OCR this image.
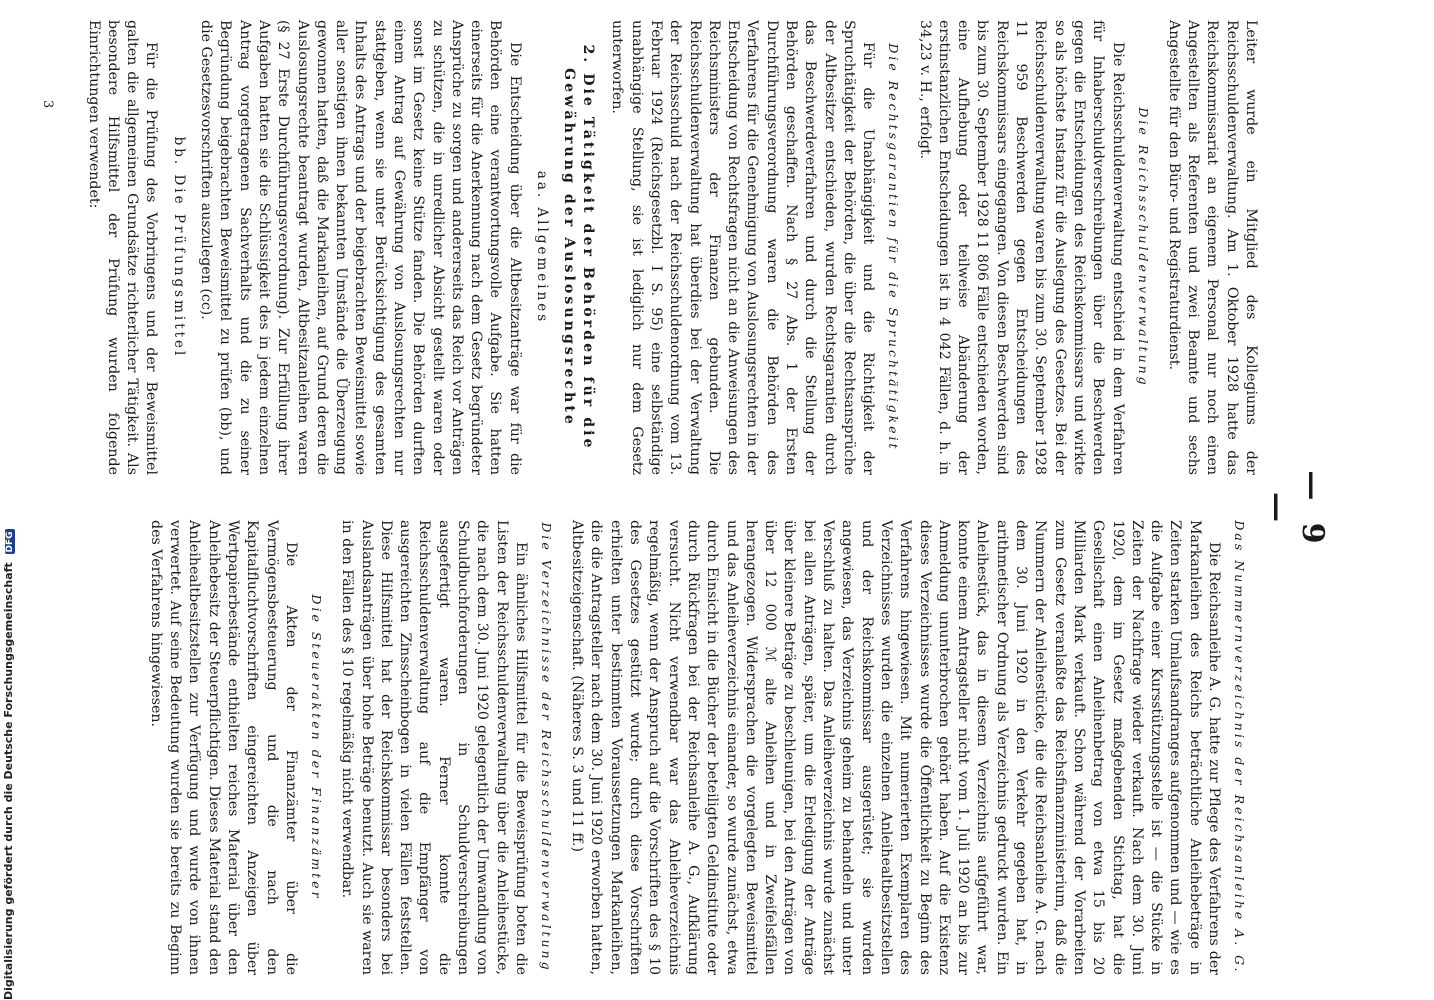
— 9 —

Leiter wurde ein Mitglied des Kollegiums der Reichsschuldenverwaltung. Am 1. Oktober 1928 hatte das Reichskommissariat an eigenem Personal nur noch einen Angestellten als Referenten und zwei Beamte und sechs Angestellte für den Büro- und Registraturdienst.

Die Reichsschuldenverwaltung

Die Reichsschuldenverwaltung entschied in dem Verfahren für Inhaberschuldverschreibungen über die Beschwerden gegen die Entscheidungen des Reichskommissars und wirkte so als höchste Instanz für die Auslegung des Gesetzes. Bei der Reichsschuldenverwaltung waren bis zum 30. September 1928 11 959 Beschwerden gegen Entscheidungen des Reichskommissars eingegangen. Von diesen Beschwerden sind bis zum 30. September 1928 11 806 Fälle entschieden worden, eine Aufhebung oder teilweise Abänderung der erstinstanzlichen Entscheidungen ist in 4 042 Fällen, d. h. in 34,23 v. H., erfolgt.

Die Rechtsgarantien für die Spruchtätigkeit

Für die Unabhängigkeit und die Richtigkeit der Spruchtätigkeit der Behörden, die über die Rechtsansprüche der Altbesitzer entschieden, wurden Rechtsgarantien durch das Beschwerdeverfahren und durch die Stellung der Behörden geschaffen. Nach § 27 Abs. 1 der Ersten Durchführungsverordnung waren die Behörden des Verfahrens für die Genehmigung von Auslosungsrechten in der Entscheidung von Rechtsfragen nicht an die Anweisungen des Reichsministers der Finanzen gebunden. Die Reichsschuldenverwaltung hat überdies bei der Verwaltung der Reichsschuld nach der Reichsschuldenordnung vom 13. Februar 1924 (Reichsgesetzbl. I S. 95) eine selbständige unabhängige Stellung, sie ist lediglich nur dem Gesetz unterworfen.

2. Die Tätigkeit der Behörden für die Gewährung der Auslosungsrechte
aa. Allgemeines

Die Entscheidung über die Altbesitzanträge war für die Behörden eine verantwortungsvolle Aufgabe. Sie hatten einerseits für die Anerkennung nach dem Gesetz begründeter Ansprüche zu sorgen und andererseits das Reich vor Anträgen zu schützen, die in unredlicher Absicht gestellt waren oder sonst im Gesetz keine Stütze fanden. Die Behörden durften einem Antrag auf Gewährung von Auslosungsrechten nur stattgeben, wenn sie unter Berücksichtigung des gesamten Inhalts des Antrags und der beigebrachten Beweismittel sowie aller sonstigen ihnen bekannten Umstände die Überzeugung gewonnen hatten, daß die Markanleihen, auf Grund deren die Auslosungsrechte beantragt wurden, Altbesitzanleihen waren (§ 27 Erste Durchführungsverordnung). Zur Erfüllung ihrer Aufgaben hatten sie die Schlüssigkeit des in jedem einzelnen Antrag vorgetragenen Sachverhalts und die zu seiner Begründung beigebrachten Beweismittel zu prüfen (bb), und die Gesetzesvorschriften auszulegen (cc).

bb. Die Prüfungsmittel

Für die Prüfung des Vorbringens und der Beweismittel galten die allgemeinen Grundsätze richterlicher Tätigkeit. Als besondere Hilfsmittel der Prüfung wurden folgende Einrichtungen verwendet:

Das Nummernverzeichnis der Reichsanleihe A. G.

Die Reichsanleihe A. G. hatte zur Pflege des Verfahrens der Markanleihen des Reichs beträchtliche Anleihebeträge in Zeiten starken Umlaufsandranges aufgenommen und — wie es die Aufgabe einer Kursstützungsstelle ist — die Stücke in Zeiten der Nachfrage wieder verkauft. Nach dem 30. Juni 1920, dem im Gesetz maßgebenden Stichtag, hat die Gesellschaft einen Anleihenbetrag von etwa 15 bis 20 Milliarden Mark verkauft. Schon während der Vorarbeiten zum Gesetz veranlaßte das Reichsfinanzministerium, daß die Nummern der Anleihestücke, die die Reichsanleihe A. G. nach dem 30. Juni 1920 in den Verkehr gegeben hat, in arithmetischer Ordnung als Verzeichnis gedruckt wurden. Ein Anleihestück, das in diesem Verzeichnis aufgeführt war, konnte einem Antragsteller nicht vom 1. Juli 1920 an bis zur Anmeldung ununterbrochen gehört haben. Auf die Existenz dieses Verzeichnisses wurde die Öffentlichkeit zu Beginn des Verfahrens hingewiesen. Mit numerierten Exemplaren des Verzeichnisses wurden die einzelnen Anleihealtbesitzstellen und der Reichskommissar ausgerüstet; sie wurden angewiesen, das Verzeichnis geheim zu behandeln und unter Verschluß zu halten. Das Anleiheverzeichnis wurde zunächst bei allen Anträgen, später, um die Erledigung der Anträge über kleinere Beträge zu beschleunigen, bei den Anträgen von über 12 000 ℳ alte Anleihen und in Zweifelsfällen herangezogen. Widersprachen die vorgelegten Beweismittel und das Anleiheverzeichnis einander, so wurde zunächst, etwa durch Einsicht in die Bücher der beteiligten Geldinstitute oder durch Rückfragen bei der Reichsanleihe A. G., Aufklärung versucht. Nicht verwendbar war das Anleiheverzeichnis regelmäßig, wenn der Anspruch auf die Vorschriften des § 10 des Gesetzes gestützt wurde; durch diese Vorschriften erhielten unter bestimmten Voraussetzungen Markanleihen, die die Antragsteller nach dem 30. Juni 1920 erworben hatten, Altbesitzeigenschaft. (Näheres S. 3 und 11 ff.)

Die Verzeichnisse der Reichsschuldenverwaltung

Ein ähnliches Hilfsmittel für die Beweisprüfung boten die Listen der Reichsschuldenverwaltung über die Anleihestücke, die nach dem 30. Juni 1920 gelegentlich der Umwandlung von Schuldbuchforderungen in Schuldverschreibungen ausgefertigt waren. Ferner konnte die Reichsschuldenverwaltung auf die Empfänger von ausgereichten Zinsscheinbogen in vielen Fällen feststellen. Diese Hilfsmittel hat der Reichskommissar besonders bei Auslandsanträgen über hohe Beträge benutzt. Auch sie waren in den Fällen des § 10 regelmäßig nicht verwendbar.

Die Steuerakten der Finanzämter

Die Akten der Finanzämter über die Vermögensbesteuerung und die nach den Kapitalfluchtvorschriften eingereichten Anzeigen über Wertpapierbestände enthielten reiches Material über den Anleihebesitz der Steuerpflichtigen. Dieses Material stand den Anleihealtbesitzstellen zur Verfügung und wurde von ihnen verwertet. Auf seine Bedeutung wurden sie bereits zu Beginn des Verfahrens hingewiesen.

3
Digitalisierung gefördert durch die Deutsche Forschungsgemeinschaft DFG
